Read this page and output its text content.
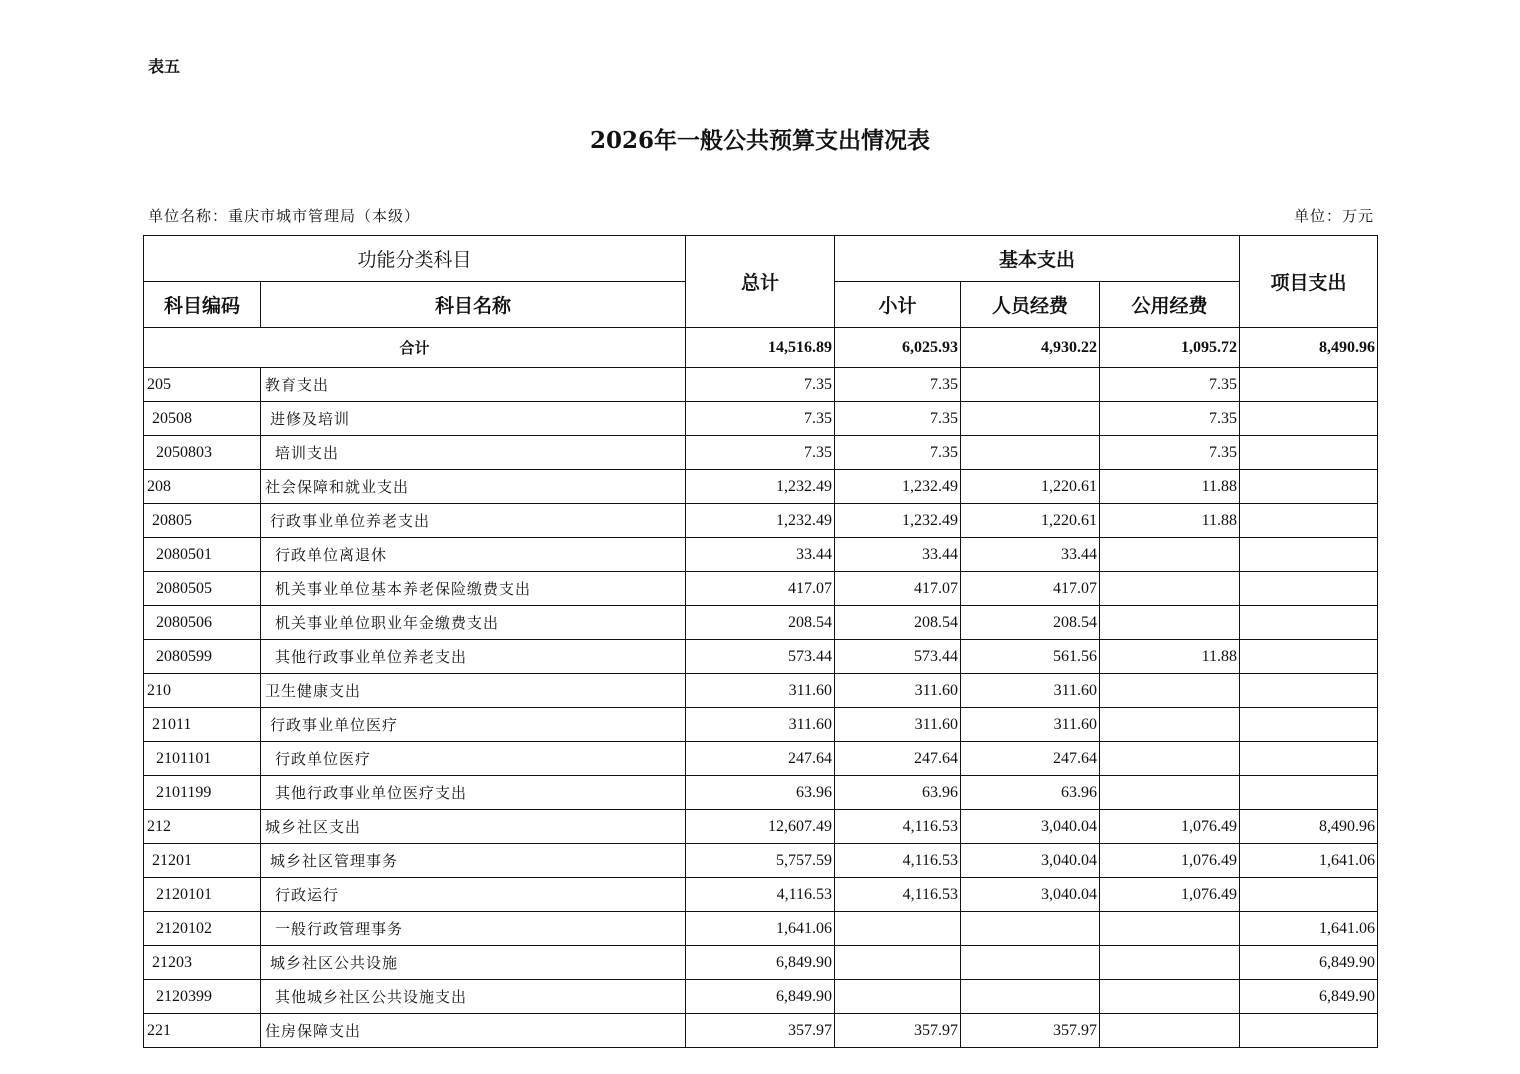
表五
2026年一般公共预算支出情况表
单位名称：重庆市城市管理局（本级）	单位：万元
功能分类科目		总计	基本支出			项目支出
科目编码	科目名称		小计	人员经费	公用经费	
合计		14,516.89	6,025.93	4,930.22	1,095.72	8,490.96
205	教育支出	7.35	7.35		7.35	
20508	进修及培训	7.35	7.35		7.35	
2050803	培训支出	7.35	7.35		7.35	
208	社会保障和就业支出	1,232.49	1,232.49	1,220.61	11.88	
20805	行政事业单位养老支出	1,232.49	1,232.49	1,220.61	11.88	
2080501	行政单位离退休	33.44	33.44	33.44		
2080505	机关事业单位基本养老保险缴费支出	417.07	417.07	417.07		
2080506	机关事业单位职业年金缴费支出	208.54	208.54	208.54		
2080599	其他行政事业单位养老支出	573.44	573.44	561.56	11.88	
210	卫生健康支出	311.60	311.60	311.60		
21011	行政事业单位医疗	311.60	311.60	311.60		
2101101	行政单位医疗	247.64	247.64	247.64		
2101199	其他行政事业单位医疗支出	63.96	63.96	63.96		
212	城乡社区支出	12,607.49	4,116.53	3,040.04	1,076.49	8,490.96
21201	城乡社区管理事务	5,757.59	4,116.53	3,040.04	1,076.49	1,641.06
2120101	行政运行	4,116.53	4,116.53	3,040.04	1,076.49	
2120102	一般行政管理事务	1,641.06				1,641.06
21203	城乡社区公共设施	6,849.90				6,849.90
2120399	其他城乡社区公共设施支出	6,849.90				6,849.90
221	住房保障支出	357.97	357.97	357.97		
